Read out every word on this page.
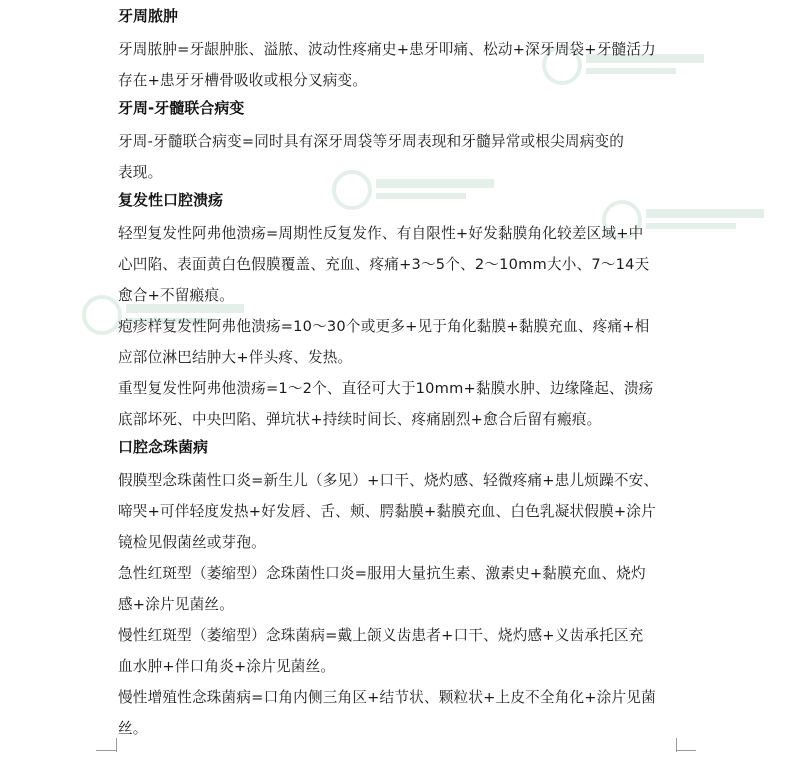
牙周脓肿
牙周脓肿=牙龈肿胀、溢脓、波动性疼痛史+患牙叩痛、松动+深牙周袋+牙髓活力
存在+患牙牙槽骨吸收或根分叉病变。
牙周-牙髓联合病变
牙周-牙髓联合病变=同时具有深牙周袋等牙周表现和牙髓异常或根尖周病变的
表现。
复发性口腔溃疡
轻型复发性阿弗他溃疡=周期性反复发作、有自限性+好发黏膜角化较差区域+中
心凹陷、表面黄白色假膜覆盖、充血、疼痛+3～5个、2～10mm大小、7～14天
愈合+不留瘢痕。
疱疹样复发性阿弗他溃疡=10～30个或更多+见于角化黏膜+黏膜充血、疼痛+相
应部位淋巴结肿大+伴头疼、发热。
重型复发性阿弗他溃疡=1～2个、直径可大于10mm+黏膜水肿、边缘隆起、溃疡
底部坏死、中央凹陷、弹坑状+持续时间长、疼痛剧烈+愈合后留有瘢痕。
口腔念珠菌病
假膜型念珠菌性口炎=新生儿（多见）+口干、烧灼感、轻微疼痛+患儿烦躁不安、
啼哭+可伴轻度发热+好发唇、舌、颊、腭黏膜+黏膜充血、白色乳凝状假膜+涂片
镜检见假菌丝或芽孢。
急性红斑型（萎缩型）念珠菌性口炎=服用大量抗生素、激素史+黏膜充血、烧灼
感+涂片见菌丝。
慢性红斑型（萎缩型）念珠菌病=戴上颌义齿患者+口干、烧灼感+义齿承托区充
血水肿+伴口角炎+涂片见菌丝。
慢性增殖性念珠菌病=口角内侧三角区+结节状、颗粒状+上皮不全角化+涂片见菌
丝。
